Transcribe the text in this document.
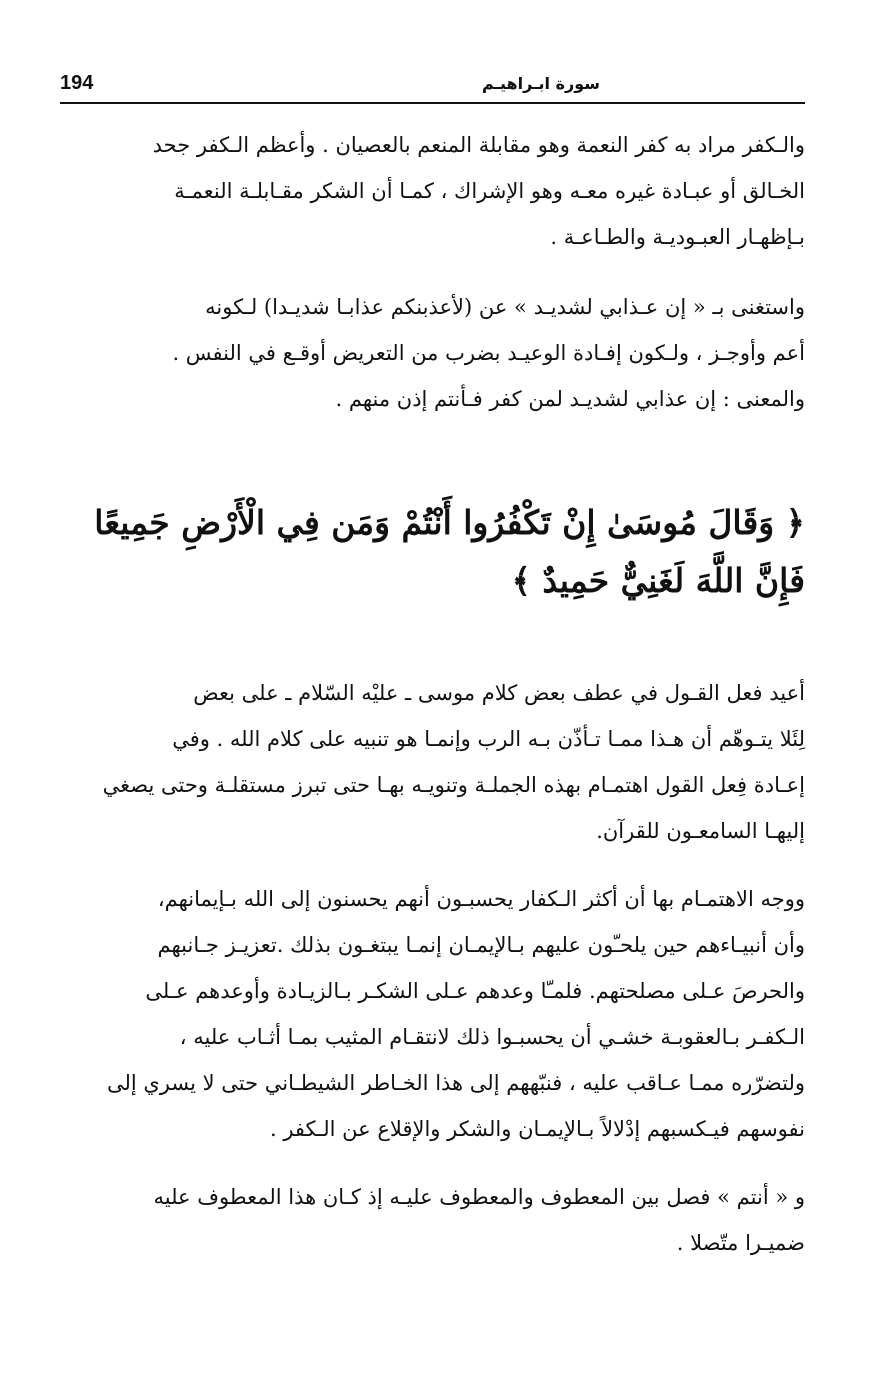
194	سورة ابـراهيـم

والـكفر مراد به كفر النعمة وهو مقابلة المنعم بالعصيان . وأعظم الـكفر جحد
الخـالق أو عبـادة غيره معـه وهو الإشراك ، كمـا أن الشكر مقـابلـة النعمـة
بـإظهـار العبـوديـة والطـاعـة .

واستغنى بـ « إن عـذابي لشديـد » عن (لأعذبنكم عذابـا شديـدا) لـكونه
أعم وأوجـز ، ولـكون إفـادة الوعيـد بضرب من التعريض أوقـع في النفس .
والمعنى : إن عذابي لشديـد لمن كفر فـأنتم إذن منهم .

﴿ وَقَالَ مُوسَىٰ إِنْ تَكْفُرُوا أَنْتُمْ وَمَن فِي الْأَرْضِ جَمِيعًا
فَإِنَّ اللَّهَ لَغَنِيٌّ حَمِيدٌ ﴾

أعيد فعل القـول في عطف بعض كلام موسى ـ عليْه السّلام ـ على بعض
لِئَلا يتـوهّم أن هـذا ممـا تـأذّن بـه الرب وإنمـا هو تنبيه على كلام الله . وفي
إعـادة فِعل القول اهتمـام بهذه الجملـة وتنويـه بهـا حتى تبرز مستقلـة وحتى يصغي
إليهـا السامعـون للقرآن.

ووجه الاهتمـام بها أن أكثر الـكفار يحسبـون أنهم يحسنون إلى الله بـإيمانهم،
وأن أنبيـاءهم حين يلحـّون عليهم بـالإيمـان إنمـا يبتغـون بذلك .تعزيـز جـانبهم
والحرصَ عـلى مصلحتهم. فلمـّا وعدهم عـلى الشكـر بـالزيـادة وأوعدهم عـلى
الـكفـر بـالعقوبـة خشـي أن يحسبـوا ذلك لانتقـام المثيب بمـا أثـاب عليه ،
ولتضرّره ممـا عـاقب عليه ، فنبّههم إلى هذا الخـاطر الشيطـاني حتى لا يسري إلى
نفوسهم فيـكسبهم إدْلالاً بـالإيمـان والشكر والإقلاع عن الـكفر .

و « أنتم » فصل بين المعطوف والمعطوف عليـه إذ كـان هذا المعطوف عليه
ضميـرا متّصلا .
